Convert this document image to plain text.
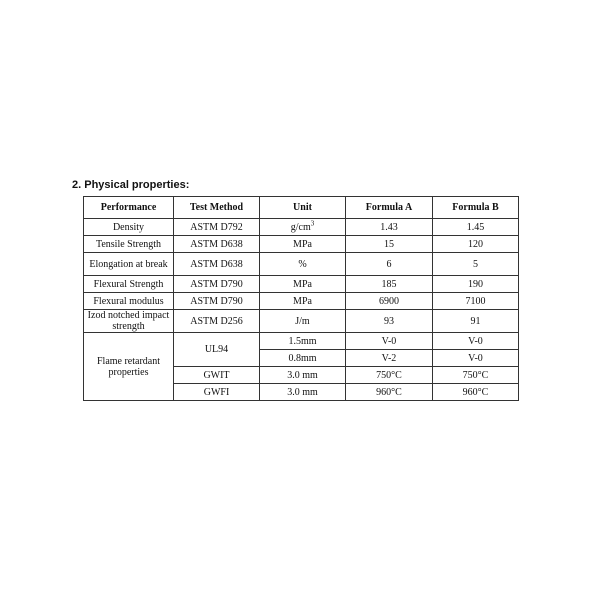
2. Physical properties:
Performance	Test Method	Unit	Formula A	Formula B
Density	ASTM D792	$g/cm^3$	1.43	1.45
Tensile Strength	ASTM D638	MPa	15	120
Elongation at break	ASTM D638	%	6	5
Flexural Strength	ASTM D790	MPa	185	190
Flexural modulus	ASTM D790	MPa	6900	7100
Izod notched impact strength	ASTM D256	J/m	93	91
Flame retardant properties	UL94	1.5mm	V-0	V-0
		0.8mm	V-2	V-0
	GWIT	3.0 mm	750°C	750°C
	GWFI	3.0 mm	960°C	960°C
